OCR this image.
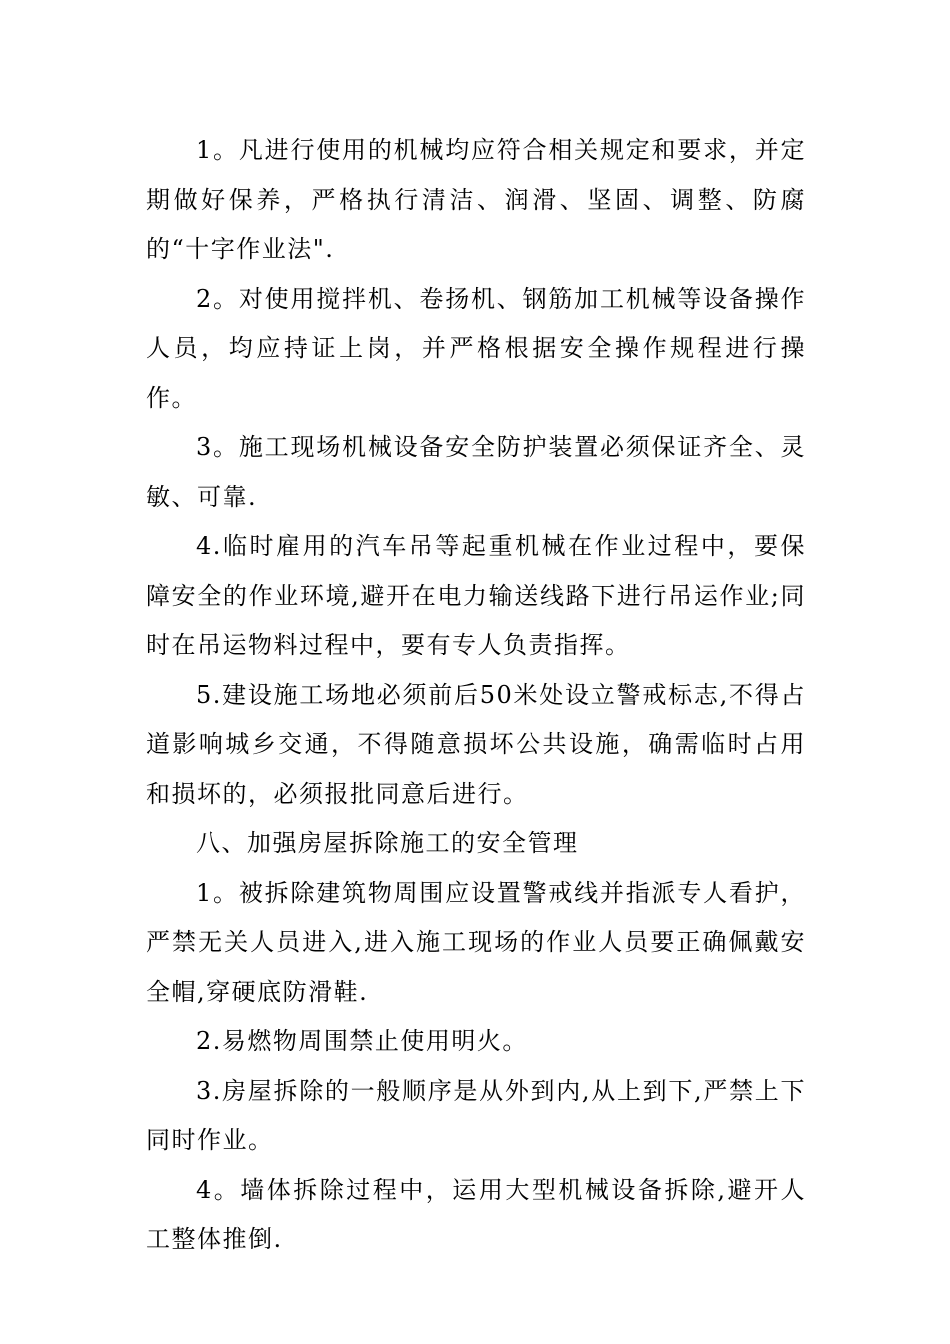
1。凡进行使用的机械均应符合相关规定和要求，并定期做好保养，严格执行清洁、润滑、坚固、调整、防腐的“十字作业法".

2。对使用搅拌机、卷扬机、钢筋加工机械等设备操作人员，均应持证上岗，并严格根据安全操作规程进行操作。

3。施工现场机械设备安全防护装置必须保证齐全、灵敏、可靠.

4.临时雇用的汽车吊等起重机械在作业过程中，要保障安全的作业环境,避开在电力输送线路下进行吊运作业;同时在吊运物料过程中，要有专人负责指挥。

5.建设施工场地必须前后50米处设立警戒标志,不得占道影响城乡交通，不得随意损坏公共设施，确需临时占用和损坏的，必须报批同意后进行。

八、加强房屋拆除施工的安全管理

1。被拆除建筑物周围应设置警戒线并指派专人看护，严禁无关人员进入,进入施工现场的作业人员要正确佩戴安全帽,穿硬底防滑鞋.

2.易燃物周围禁止使用明火。

3.房屋拆除的一般顺序是从外到内,从上到下,严禁上下同时作业。

4。墙体拆除过程中，运用大型机械设备拆除,避开人工整体推倒.
